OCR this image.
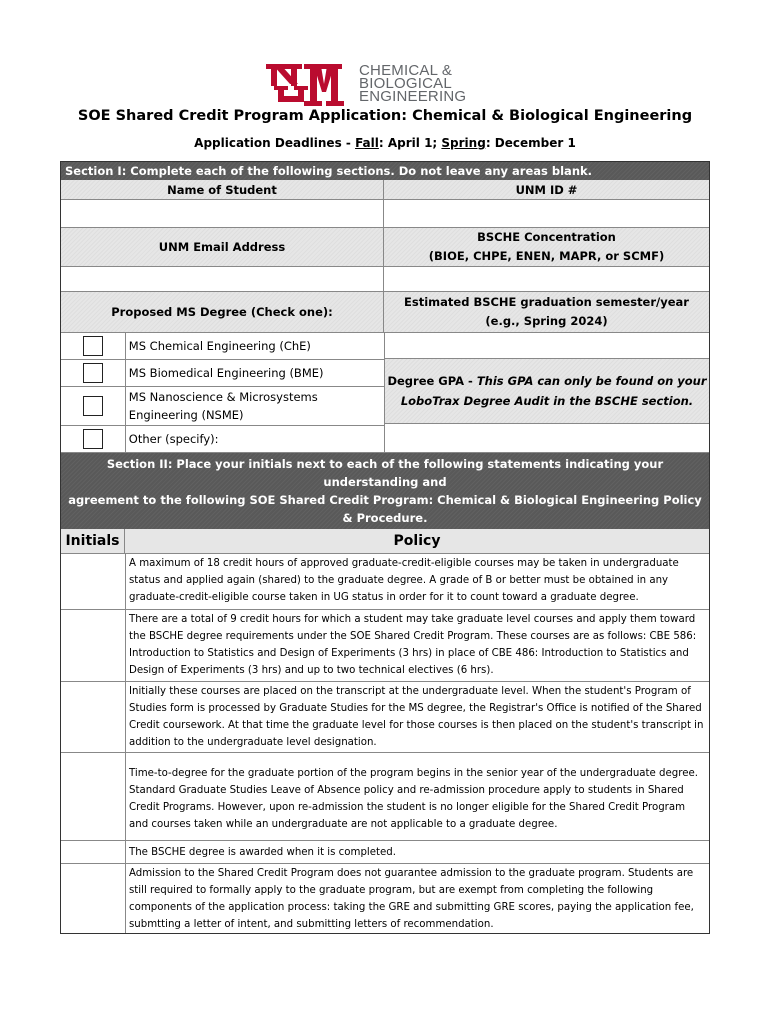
CHEMICAL &
BIOLOGICAL
ENGINEERING
SOE Shared Credit Program Application: Chemical & Biological Engineering
Application Deadlines - Fall: April 1; Spring: December 1
Section I: Complete each of the following sections. Do not leave any areas blank.
Name of Student	UNM ID #
UNM Email Address
BSCHE Concentration
(BIOE, CHPE, ENEN, MAPR, or SCMF)
Proposed MS Degree (Check one):
Estimated BSCHE graduation semester/year
(e.g., Spring 2024)
MS Chemical Engineering (ChE)
MS Biomedical Engineering (BME)
MS Nanoscience & Microsystems
Engineering (NSME)
Other (specify):
Degree GPA - This GPA can only be found on your
LoboTrax Degree Audit in the BSCHE section.
Section II: Place your initials next to each of the following statements indicating your understanding and
agreement to the following SOE Shared Credit Program: Chemical & Biological Engineering Policy & Procedure.
Initials	Policy
A maximum of 18 credit hours of approved graduate-credit-eligible courses may be taken in undergraduate status and applied again (shared) to the graduate degree. A grade of B or better must be obtained in any graduate-credit-eligible course taken in UG status in order for it to count toward a graduate degree.
There are a total of 9 credit hours for which a student may take graduate level courses and apply them toward the BSCHE degree requirements under the SOE Shared Credit Program. These courses are as follows: CBE 586: Introduction to Statistics and Design of Experiments (3 hrs) in place of CBE 486: Introduction to Statistics and Design of Experiments (3 hrs) and up to two technical electives (6 hrs).
Initially these courses are placed on the transcript at the undergraduate level. When the student's Program of Studies form is processed by Graduate Studies for the MS degree, the Registrar's Office is notified of the Shared Credit coursework. At that time the graduate level for those courses is then placed on the student's transcript in addition to the undergraduate level designation.
Time-to-degree for the graduate portion of the program begins in the senior year of the undergraduate degree. Standard Graduate Studies Leave of Absence policy and re-admission procedure apply to students in Shared Credit Programs. However, upon re-admission the student is no longer eligible for the Shared Credit Program and courses taken while an undergraduate are not applicable to a graduate degree.
The BSCHE degree is awarded when it is completed.
Admission to the Shared Credit Program does not guarantee admission to the graduate program. Students are still required to formally apply to the graduate program, but are exempt from completing the following components of the application process: taking the GRE and submitting GRE scores, paying the application fee, submtting a letter of intent, and submitting letters of recommendation.
